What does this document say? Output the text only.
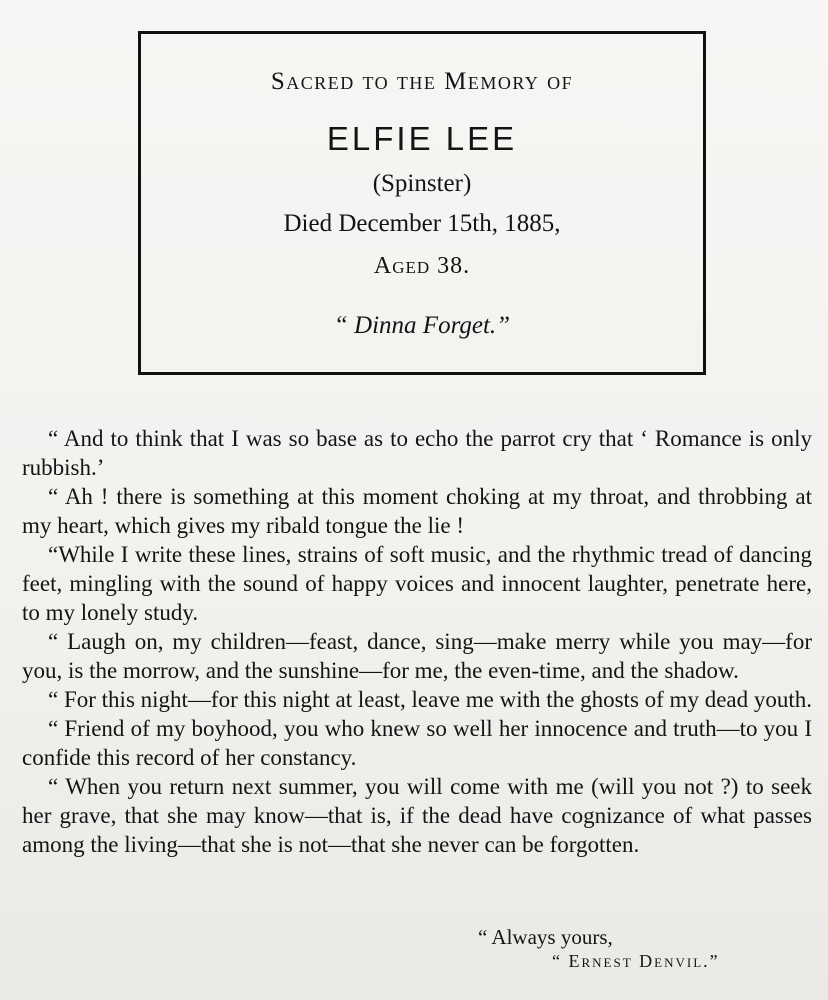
Sacred to the Memory of
ELFIE LEE
(Spinster)
Died December 15th, 1885,
Aged 38.
“ Dinna Forget.”

“ And to think that I was so base as to echo the parrot cry that ‘ Romance is only rubbish.’

“ Ah ! there is something at this moment choking at my throat, and throbbing at my heart, which gives my ribald tongue the lie !

“While I write these lines, strains of soft music, and the rhythmic tread of dancing feet, mingling with the sound of happy voices and innocent laughter, penetrate here, to my lonely study.

“ Laugh on, my children—feast, dance, sing—make merry while you may—for you, is the morrow, and the sunshine—for me, the even-time, and the shadow.

“ For this night—for this night at least, leave me with the ghosts of my dead youth.

“ Friend of my boyhood, you who knew so well her innocence and truth—to you I confide this record of her constancy.

“ When you return next summer, you will come with me (will you not ?) to seek her grave, that she may know—that is, if the dead have cognizance of what passes among the living—that she is not—that she never can be forgotten.

“ Always yours,
“ Ernest Denvil.”
